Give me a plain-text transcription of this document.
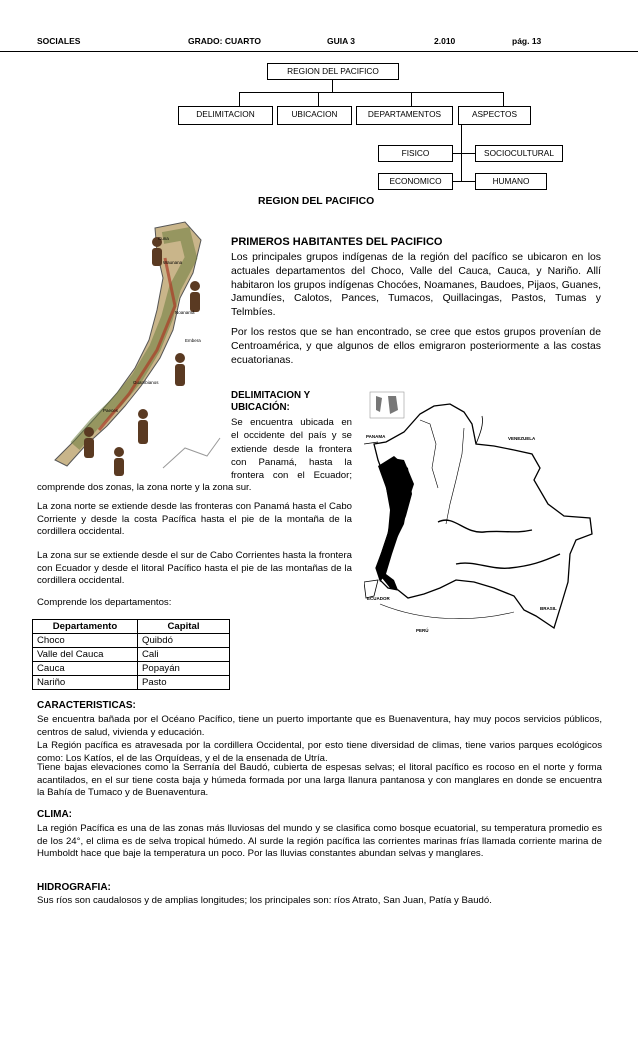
SOCIALES	GRADO: CUARTO	GUIA 3	2.010	pág. 13
REGION DEL PACIFICO
DELIMITACION	UBICACION	DEPARTAMENTOS	ASPECTOS
FISICO	SOCIOCULTURAL
ECONOMICO	HUMANO
REGION DEL PACIFICO
Cuna
Waunana
Noanamá
Embera
Guambianos
Paeces
PRIMEROS HABITANTES DEL PACIFICO

Los principales grupos indígenas de la región del pacífico se ubicaron en los actuales departamentos del Choco, Valle del Cauca, Cauca, y Nariño. Allí habitaron los grupos indígenas Chocóes, Noamanes, Baudoes, Pijaos, Guanes, Jamundíes, Calotos, Pances, Tumacos, Quillacingas, Pastos, Tumas y Telmbíes.

Por los restos que se han encontrado, se cree que estos grupos provenían de Centroamérica, y que algunos de ellos emigraron posteriormente a las costas ecuatorianas.

DELIMITACION Y
UBICACIÓN:
Se encuentra ubicada en
el occidente del país y se
extiende desde la frontera
con Panamá, hasta la
frontera con el Ecuador;

comprende dos zonas, la zona norte y la zona sur.

La zona norte se extiende desde las fronteras con Panamá hasta el Cabo Corriente y desde la costa Pacífica hasta el pie de la montaña de la cordillera occidental.

La zona sur se extiende desde el sur de Cabo Corrientes hasta la frontera con Ecuador y desde el litoral Pacífico hasta el pie de las montañas de la cordillera occidental.

Comprende los departamentos:

PANAMA	VENEZUELA
ECUADOR
BRASIL
PERÚ
Departamento	Capital
Choco	Quibdó
Valle del Cauca	Cali
Cauca	Popayán
Nariño	Pasto
CARACTERISTICAS:

Se encuentra bañada por el Océano Pacífico, tiene un puerto importante que es Buenaventura, hay muy pocos servicios públicos, centros de salud, vivienda y educación.

La Región pacífica es atravesada por la cordillera Occidental, por esto tiene diversidad de climas, tiene varios parques ecológicos como: Los Katíos, el de las Orquídeas, y el de la ensenada de Utría.

Tiene bajas elevaciones como la Serranía del Baudó, cubierta de espesas selvas; el litoral pacífico es rocoso en el norte y forma acantilados, en el sur tiene costa baja y húmeda formada por una larga llanura pantanosa y con manglares en donde se encuentra la Bahía de Tumaco y de Buenaventura.

CLIMA:

La región Pacífica es una de las zonas más lluviosas del mundo y se clasifica como bosque ecuatorial, su temperatura promedio es de los 24°, el clima es de selva tropical húmedo. Al surde la región pacífica las corrientes marinas frías llamada corriente marina de Humboldt hace que baje la temperatura un poco. Por las lluvias constantes abundan selvas y manglares.

HIDROGRAFIA:

Sus ríos son caudalosos y de amplias longitudes; los principales son: ríos Atrato, San Juan, Patía y Baudó.
